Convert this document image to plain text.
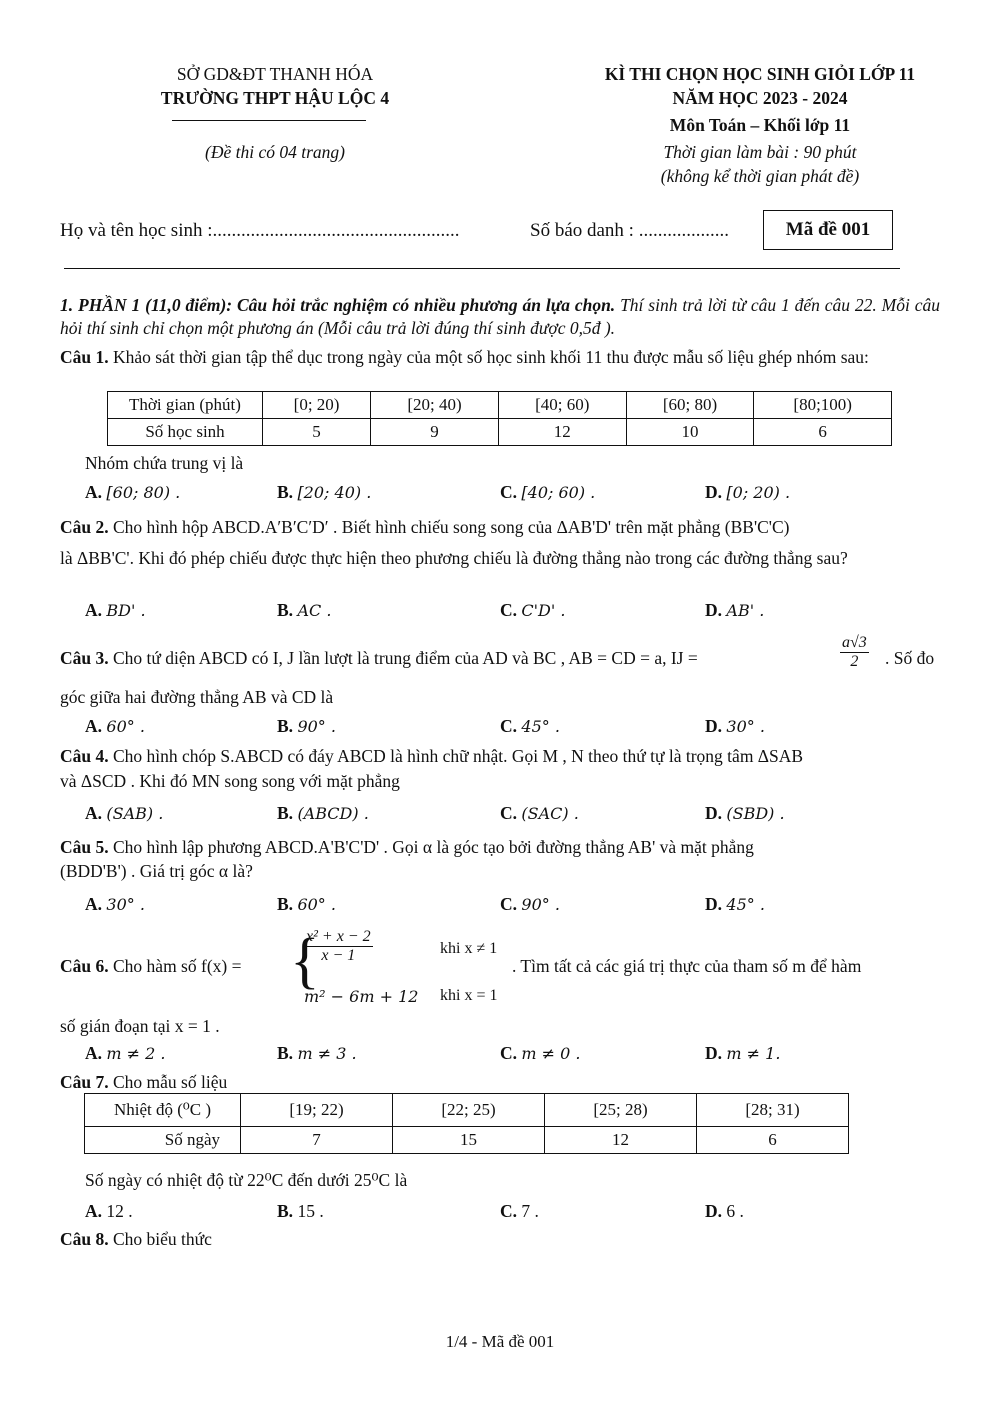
SỞ GD&ĐT THANH HÓA
TRƯỜNG THPT HẬU LỘC 4
(Đề thi có 04 trang)
KÌ THI CHỌN HỌC SINH GIỎI LỚP 11
NĂM HỌC 2023 - 2024
Môn Toán – Khối lớp 11
Thời gian làm bài : 90 phút
(không kể thời gian phát đề)
Họ và tên học sinh :....................................................	Số báo danh : ...................	Mã đề 001
1. PHẦN 1 (11,0 điểm): Câu hỏi trắc nghiệm có nhiều phương án lựa chọn. Thí sinh trả lời từ câu 1 đến câu 22. Mỗi câu hỏi thí sinh chỉ chọn một phương án (Mỗi câu trả lời đúng thí sinh được 0,5đ ).
Câu 1. Khảo sát thời gian tập thể dục trong ngày của một số học sinh khối 11 thu được mẫu số liệu ghép nhóm sau:
Thời gian (phút)	[0; 20)	[20; 40)	[40; 60)	[60; 80)	[80;100)
Số học sinh	5	9	12	10	6
Nhóm chứa trung vị là
A. [60; 80) .	B. [20; 40) .	C. [40; 60) .	D. [0; 20) .
Câu 2. Cho hình hộp ABCD.A′B′C′D′ . Biết hình chiếu song song của ΔAB'D' trên mặt phẳng (BB'C'C)
là ΔBB'C'. Khi đó phép chiếu được thực hiện theo phương chiếu là đường thẳng nào trong các đường thẳng sau?
A. BD' .	B. AC .	C. C'D' .	D. AB' .
Câu 3. Cho tứ diện ABCD có I, J lần lượt là trung điểm của AD và BC , AB = CD = a, IJ =	$\frac{a√3}{2}$ . Số đo
góc giữa hai đường thẳng AB và CD là
A. 60° .	B. 90° .	C. 45° .	D. 30° .
Câu 4. Cho hình chóp S.ABCD có đáy ABCD là hình chữ nhật. Gọi M , N theo thứ tự là trọng tâm ΔSAB
và ΔSCD . Khi đó MN song song với mặt phẳng
A. (SAB) .	B. (ABCD) .	C. (SAC) .	D. (SBD) .
Câu 5. Cho hình lập phương ABCD.A'B'C'D' . Gọi α là góc tạo bởi đường thẳng AB' và mặt phẳng
(BDD'B') . Giá trị góc α là?
A. 30° .	B. 60° .	C. 90° .	D. 45° .
Câu 6. Cho hàm số f(x) = {
$\frac{\text{x² + x − 2}}{x - 1}$	khi x ≠ 1
m² − 6m + 12 khi x = 1
. Tìm tất cả các giá trị thực của tham số m để hàm
số gián đoạn tại x = 1 .
A. m ≠ 2 .	B. m ≠ 3 .	C. m ≠ 0 .	D. m ≠ 1.
Câu 7. Cho mẫu số liệu
Nhiệt độ (⁰C )	[19; 22)	[22; 25)	[25; 28)	[28; 31)
Số ngày	7	15	12	6
Số ngày có nhiệt độ từ 22⁰C đến dưới 25⁰C là
A. 12 .	B. 15 .	C. 7 .	D. 6 .
Câu 8. Cho biểu thức
1/4 - Mã đề 001
